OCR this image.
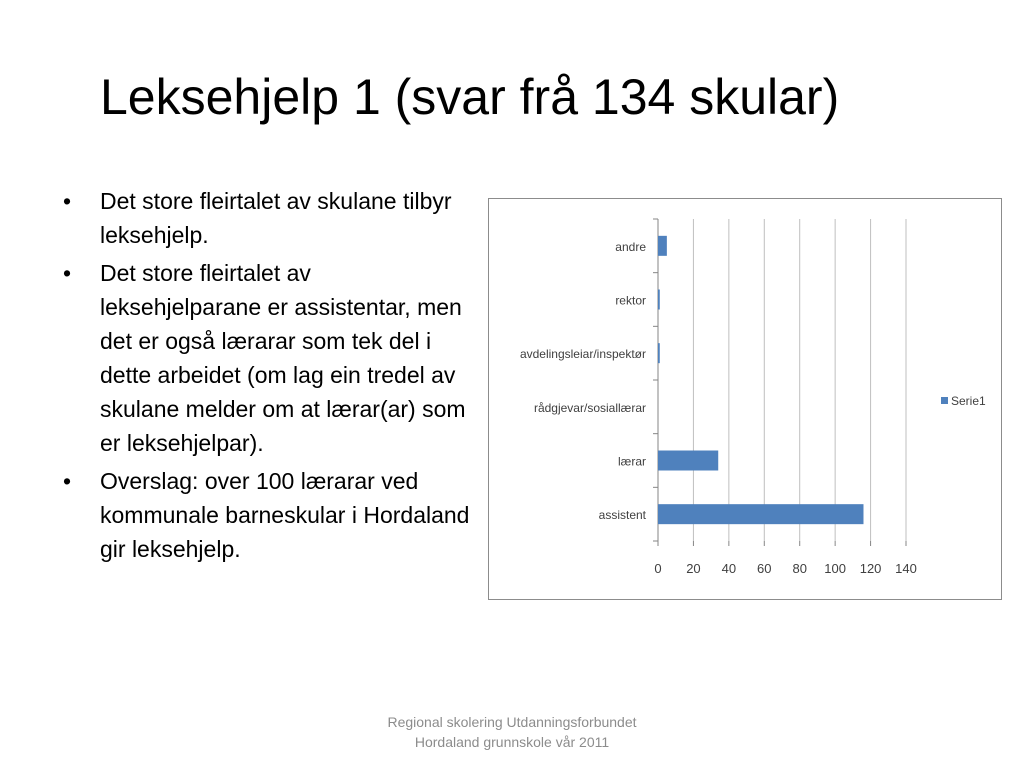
Leksehjelp 1 (svar frå 134 skular)
• Det store fleirtalet av skulane tilbyr leksehjelp.
• Det store fleirtalet av leksehjelparane er assistentar, men det er også lærarar som tek del i dette arbeidet (om lag ein tredel av skulane melder om at lærar(ar) som er leksehjelpar).
• Overslag: over 100 lærarar ved kommunale barneskular i Hordaland gir leksehjelp.
0 20 40 60 80 100 120 140
andre
rektor
avdelingsleiar/inspektør
rådgjevar/sosiallærar
lærar
assistent
Serie1
Regional skolering Utdanningsforbundet
Hordaland grunnskole vår 2011
